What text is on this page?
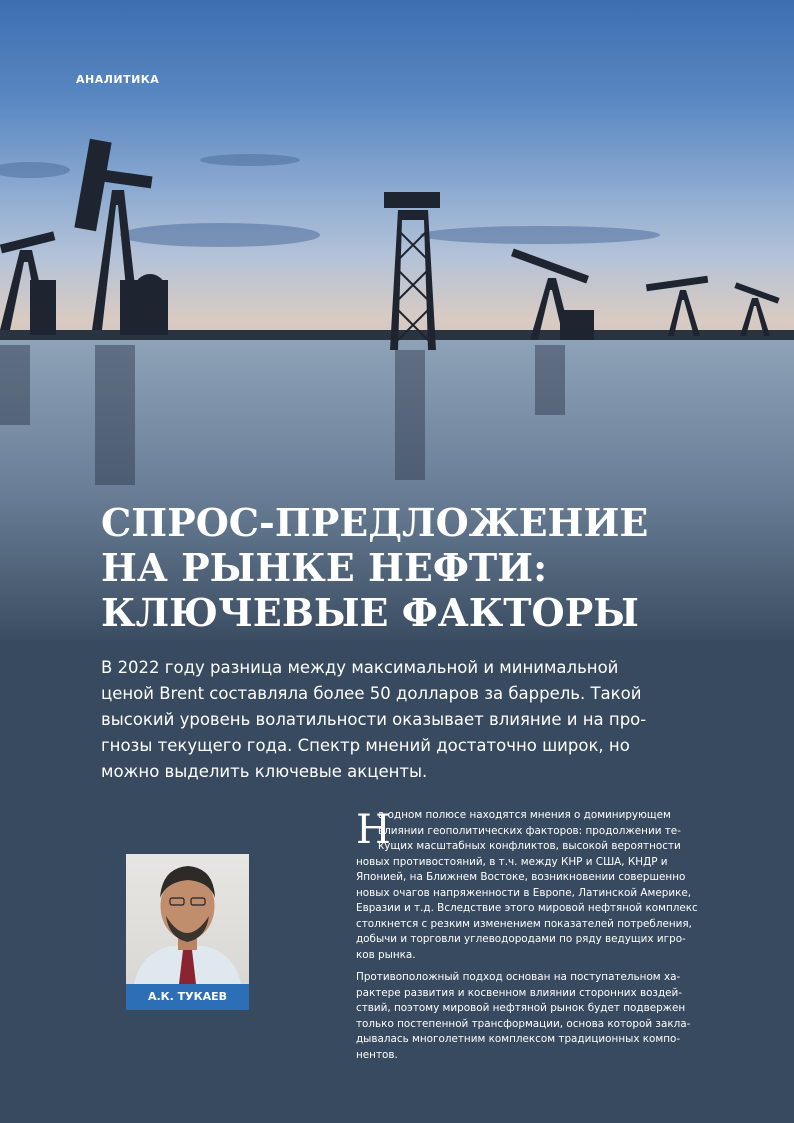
АНАЛИТИКА
СПРОС-ПРЕДЛОЖЕНИЕ
НА РЫНКЕ НЕФТИ:
КЛЮЧЕВЫЕ ФАКТОРЫ

В 2022 году разница между максимальной и минимальной
ценой Brent составляла более 50 долларов за баррель. Такой
высокий уровень волатильности оказывает влияние и на про-
гнозы текущего года. Спектр мнений достаточно широк, но
можно выделить ключевые акценты.

А.К. ТУКАЕВ
Н
а одном полюсе находятся мнения о доминирующем
влиянии геополитических факторов: продолжении те-
кущих масштабных конфликтов, высокой вероятности
новых противостояний, в т.ч. между КНР и США, КНДР и
Японией, на Ближнем Востоке, возникновении совершенно
новых очагов напряженности в Европе, Латинской Америке,
Евразии и т.д. Вследствие этого мировой нефтяной комплекс
столкнется с резким изменением показателей потребления,
добычи и торговли углеводородами по ряду ведущих игро-
ков рынка.
Противоположный подход основан на поступательном ха-
рактере развития и косвенном влиянии сторонних воздей-
ствий, поэтому мировой нефтяной рынок будет подвержен
только постепенной трансформации, основа которой закла-
дывалась многолетним комплексом традиционных компо-
нентов.
